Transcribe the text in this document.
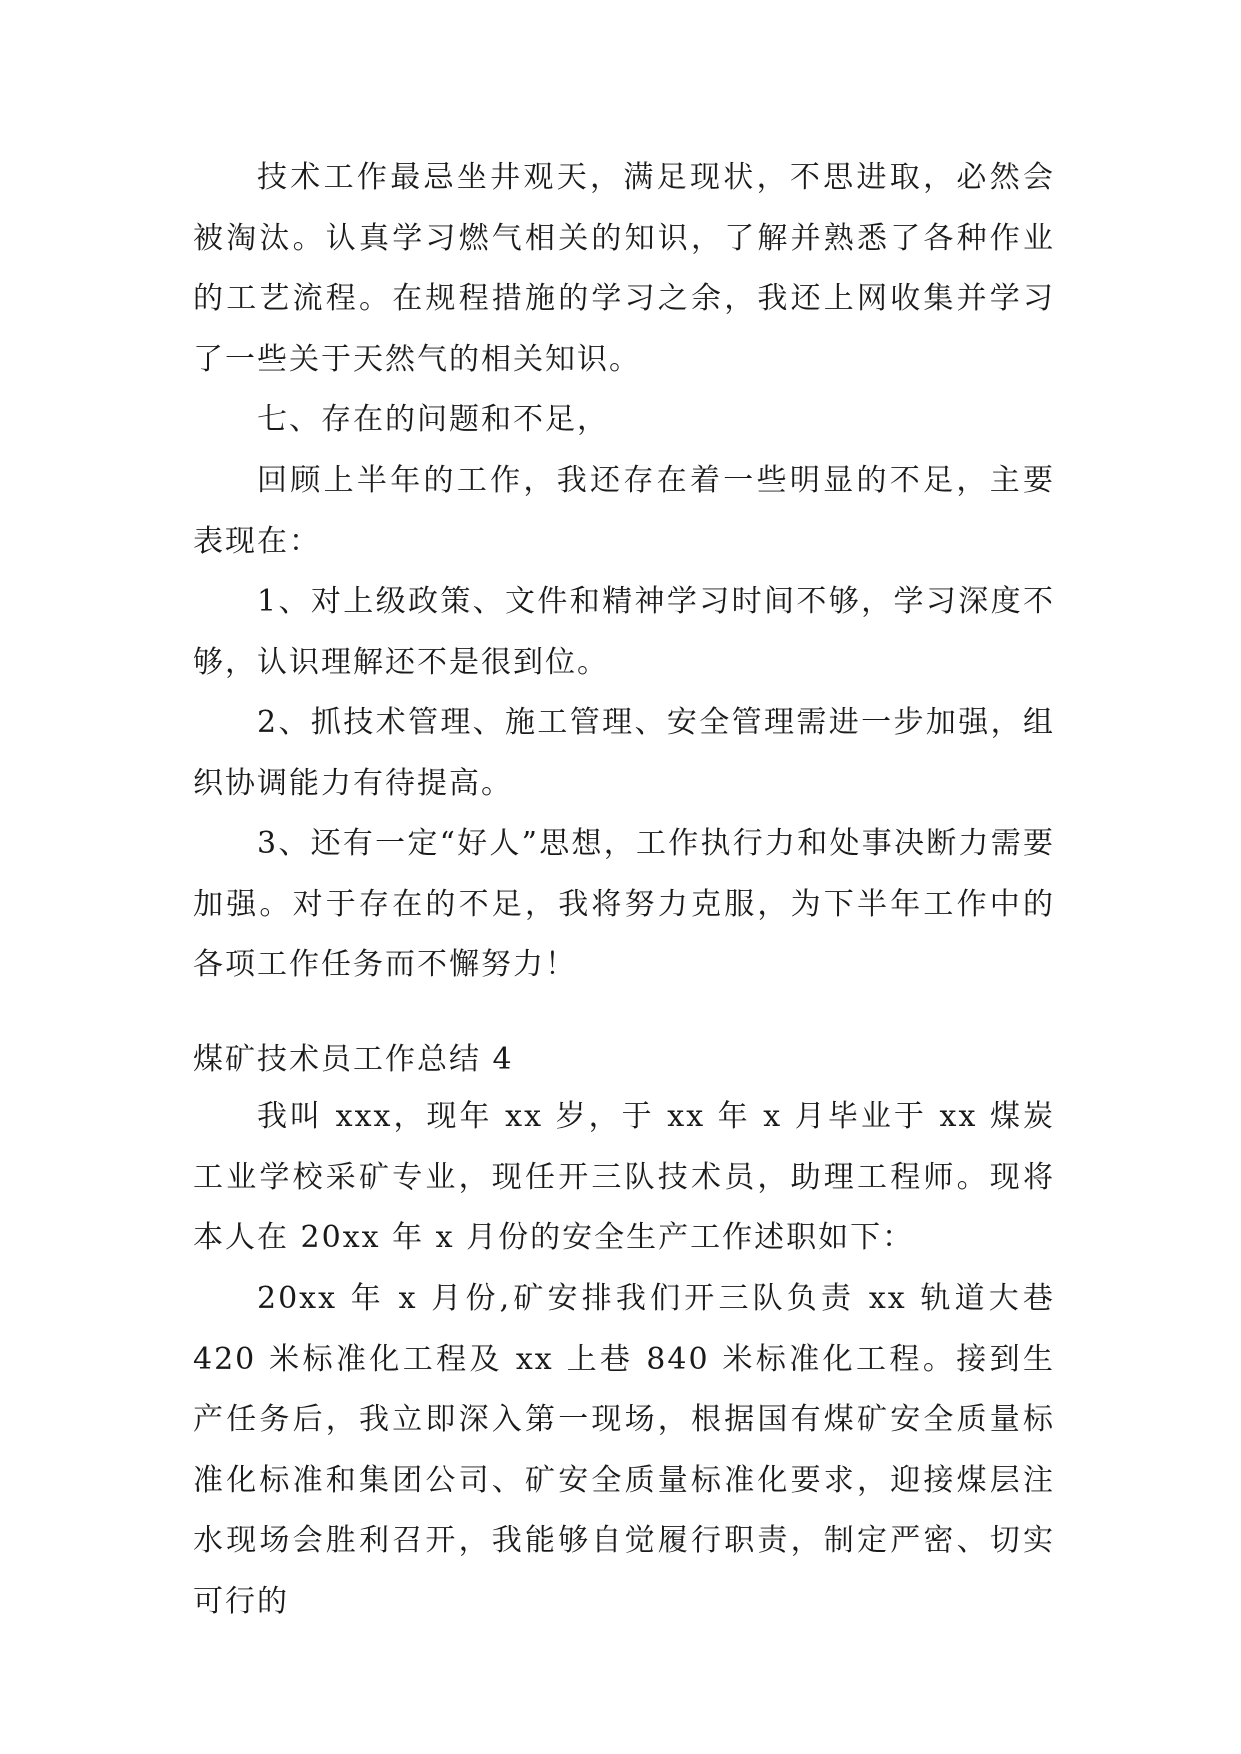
技术工作最忌坐井观天，满足现状，不思进取，必然会被淘汰。认真学习燃气相关的知识，了解并熟悉了各种作业的工艺流程。在规程措施的学习之余，我还上网收集并学习了一些关于天然气的相关知识。

七、存在的问题和不足，

回顾上半年的工作，我还存在着一些明显的不足，主要表现在：

1、对上级政策、文件和精神学习时间不够，学习深度不够，认识理解还不是很到位。

2、抓技术管理、施工管理、安全管理需进一步加强，组织协调能力有待提高。

3、还有一定“好人”思想，工作执行力和处事决断力需要加强。对于存在的不足，我将努力克服，为下半年工作中的各项工作任务而不懈努力！

煤矿技术员工作总结 4

我叫 xxx，现年 xx 岁，于 xx 年 x 月毕业于 xx 煤炭工业学校采矿专业，现任开三队技术员，助理工程师。现将本人在 20xx 年 x 月份的安全生产工作述职如下：

20xx 年 x 月份,矿安排我们开三队负责 xx 轨道大巷 420 米标准化工程及 xx 上巷 840 米标准化工程。接到生产任务后，我立即深入第一现场，根据国有煤矿安全质量标准化标准和集团公司、矿安全质量标准化要求，迎接煤层注水现场会胜利召开，我能够自觉履行职责，制定严密、切实可行的
